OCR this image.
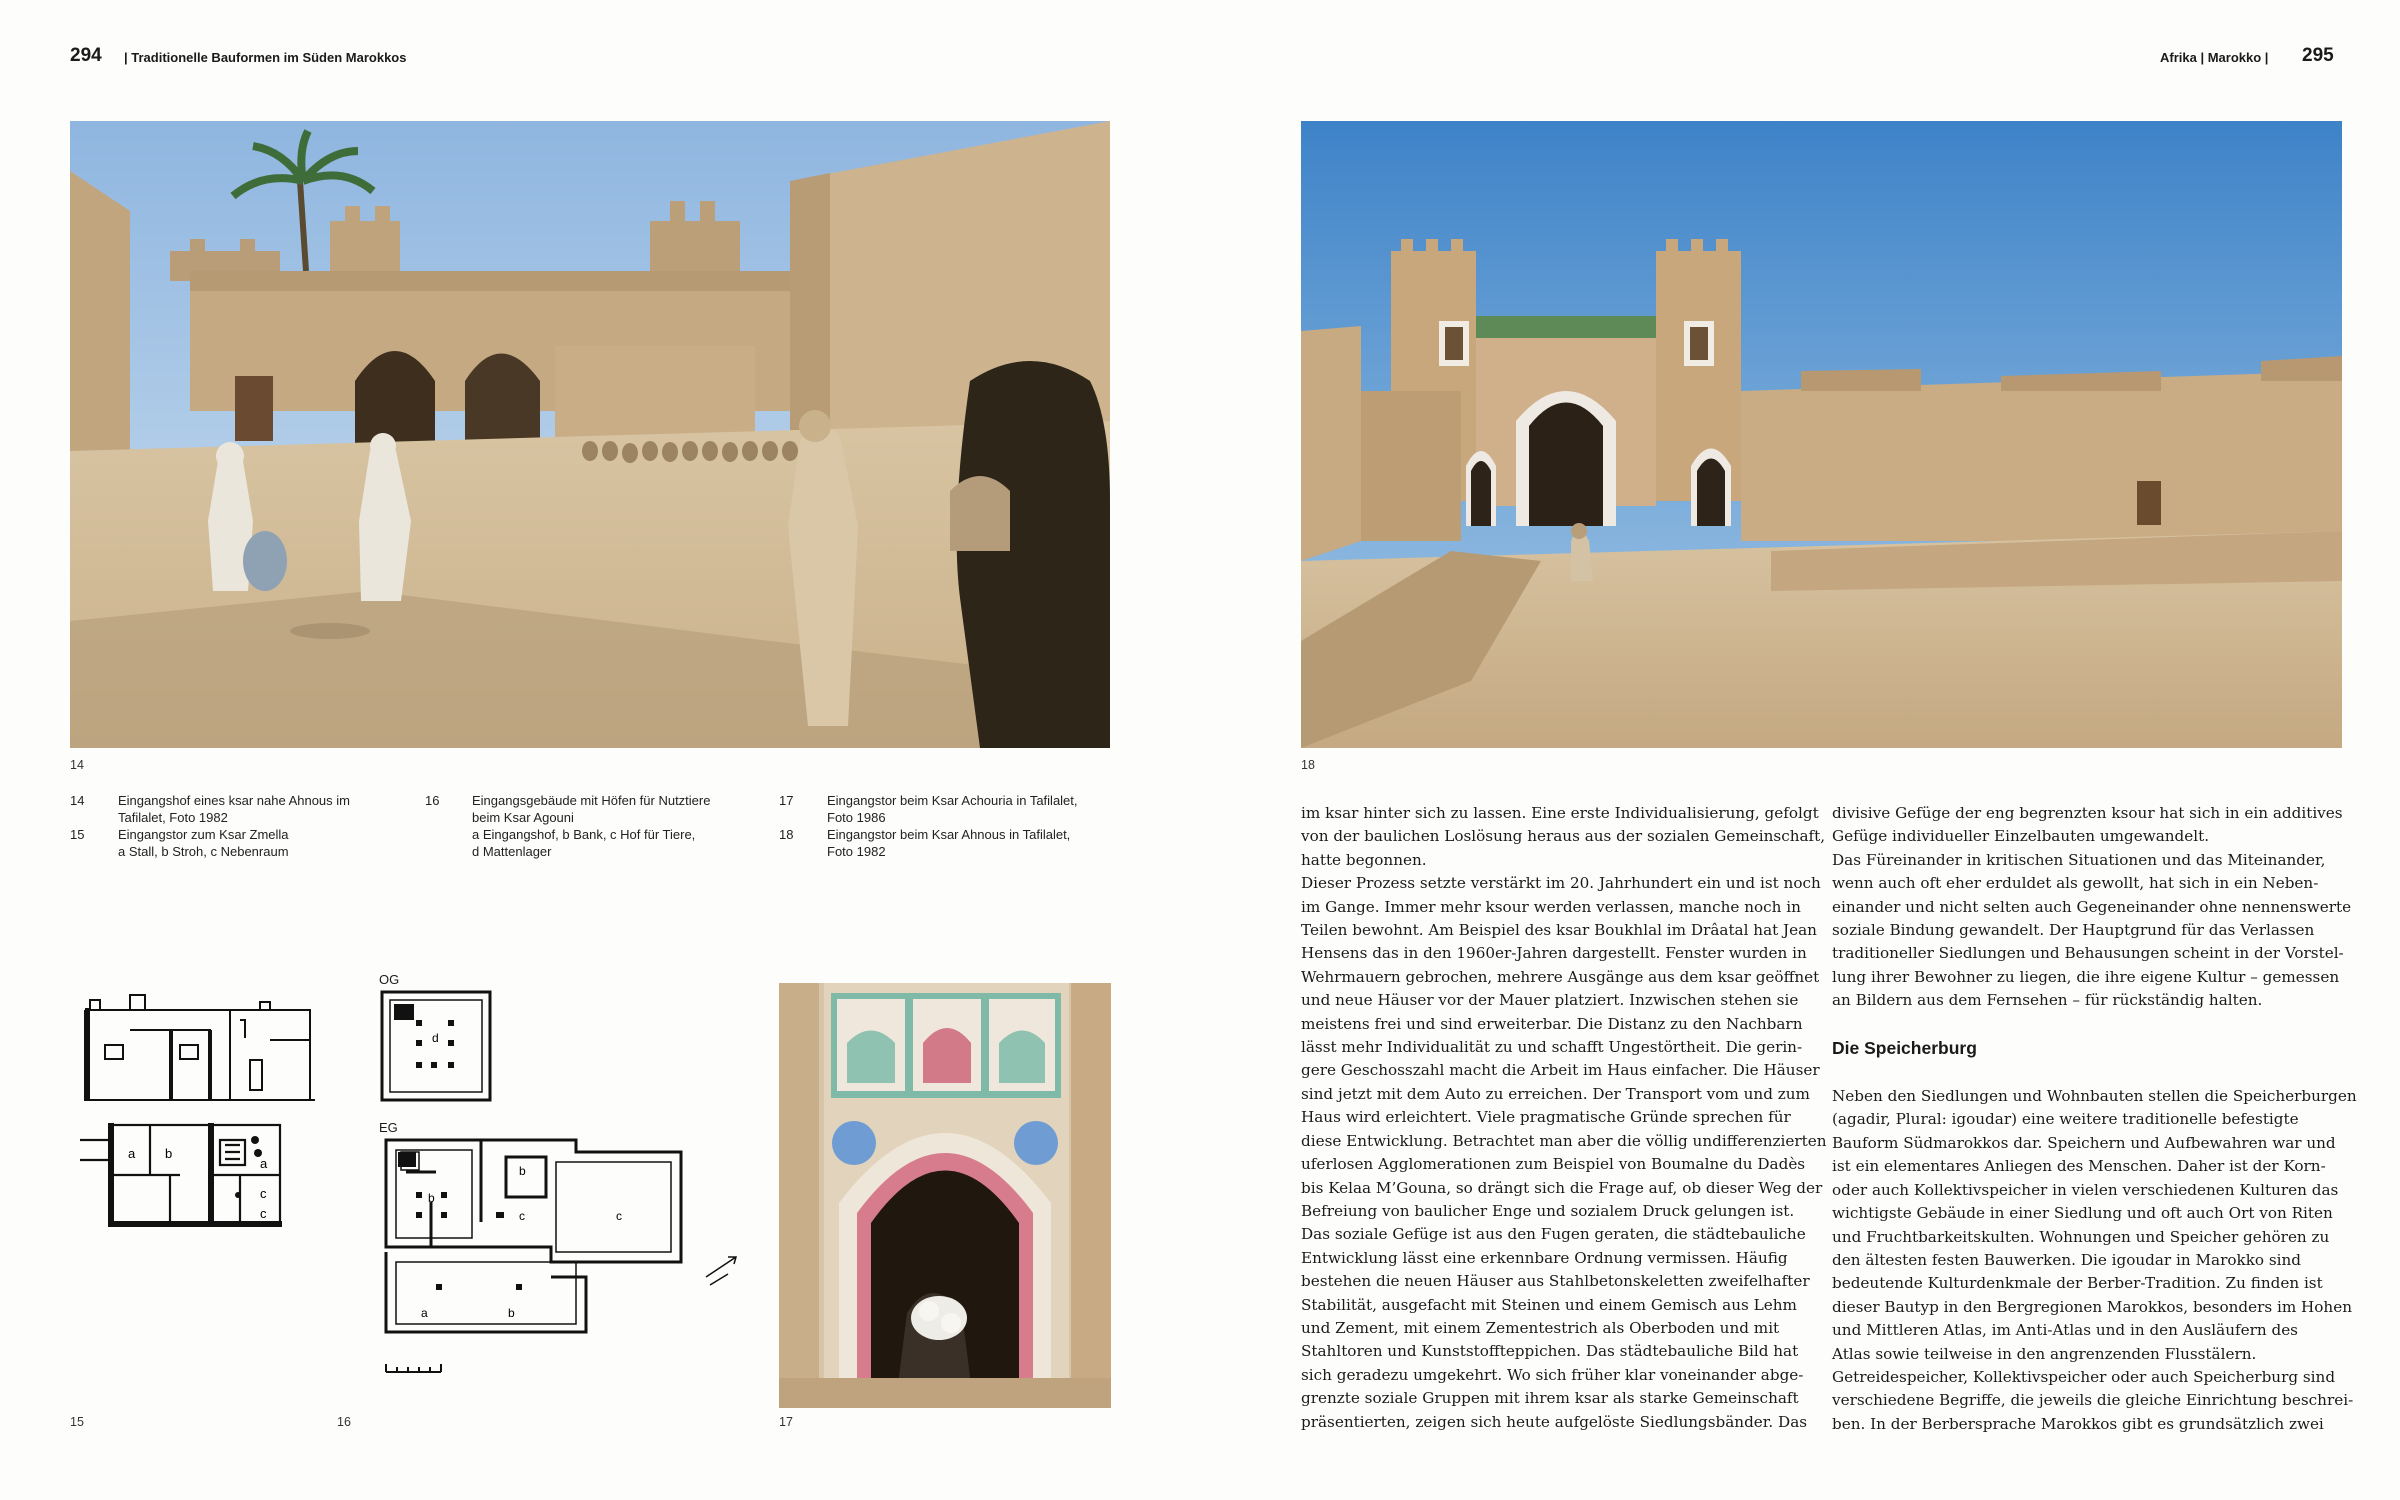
294 | Traditionelle Bauformen im Süden Marokkos	Afrika | Marokko | 295
14	18
14	Eingangshof eines ksar nahe Ahnous im
Tafilalet, Foto 1982
15	Eingangstor zum Ksar Zmella
a Stall, b Stroh, c Nebenraum
16	Eingangsgebäude mit Höfen für Nutztiere
beim Ksar Agouni
a Eingangshof, b Bank, c Hof für Tiere,
d Mattenlager
17	Eingangstor beim Ksar Achouria in Tafilalet,
Foto 1986
18	Eingangstor beim Ksar Ahnous in Tafilalet,
Foto 1982
a b
a
c
c
15
OG
EG
d
b
b
c	c
a	b
16	17
im ksar hinter sich zu lassen. Eine erste Individualisierung, gefolgt
von der baulichen Loslösung heraus aus der sozialen Gemeinschaft,
hatte begonnen.
Dieser Prozess setzte verstärkt im 20. Jahrhundert ein und ist noch
im Gange. Immer mehr ksour werden verlassen, manche noch in
Teilen bewohnt. Am Beispiel des ksar Boukhlal im Drâatal hat Jean
Hensens das in den 1960er-Jahren dargestellt. Fenster wurden in
Wehrmauern gebrochen, mehrere Ausgänge aus dem ksar geöffnet
und neue Häuser vor der Mauer platziert. Inzwischen stehen sie
meistens frei und sind erweiterbar. Die Distanz zu den Nachbarn
lässt mehr Individualität zu und schafft Ungestörtheit. Die gerin-
gere Geschosszahl macht die Arbeit im Haus einfacher. Die Häuser
sind jetzt mit dem Auto zu erreichen. Der Transport vom und zum
Haus wird erleichtert. Viele pragmatische Gründe sprechen für
diese Entwicklung. Betrachtet man aber die völlig undifferenzierten
uferlosen Agglomerationen zum Beispiel von Boumalne du Dadès
bis Kelaa M’Gouna, so drängt sich die Frage auf, ob dieser Weg der
Befreiung von baulicher Enge und sozialem Druck gelungen ist.
Das soziale Gefüge ist aus den Fugen geraten, die städtebauliche
Entwicklung lässt eine erkennbare Ordnung vermissen. Häufig
bestehen die neuen Häuser aus Stahlbetonskeletten zweifelhafter
Stabilität, ausgefacht mit Steinen und einem Gemisch aus Lehm
und Zement, mit einem Zementestrich als Oberboden und mit
Stahltoren und Kunststoffteppichen. Das städtebauliche Bild hat
sich geradezu umgekehrt. Wo sich früher klar voneinander abge-
grenzte soziale Gruppen mit ihrem ksar als starke Gemeinschaft
präsentierten, zeigen sich heute aufgelöste Siedlungsbänder. Das
divisive Gefüge der eng begrenzten ksour hat sich in ein additives
Gefüge individueller Einzelbauten umgewandelt.
Das Füreinander in kritischen Situationen und das Miteinander,
wenn auch oft eher erduldet als gewollt, hat sich in ein Neben-
einander und nicht selten auch Gegeneinander ohne nennenswerte
soziale Bindung gewandelt. Der Hauptgrund für das Verlassen
traditioneller Siedlungen und Behausungen scheint in der Vorstel-
lung ihrer Bewohner zu liegen, die ihre eigene Kultur – gemessen
an Bildern aus dem Fernsehen – für rückständig halten.
Die Speicherburg
Neben den Siedlungen und Wohnbauten stellen die Speicherburgen
(agadir, Plural: igoudar) eine weitere traditionelle befestigte
Bauform Südmarokkos dar. Speichern und Aufbewahren war und
ist ein elementares Anliegen des Menschen. Daher ist der Korn-
oder auch Kollektivspeicher in vielen verschiedenen Kulturen das
wichtigste Gebäude in einer Siedlung und oft auch Ort von Riten
und Fruchtbarkeitskulten. Wohnungen und Speicher gehören zu
den ältesten festen Bauwerken. Die igoudar in Marokko sind
bedeutende Kulturdenkmale der Berber-Tradition. Zu finden ist
dieser Bautyp in den Bergregionen Marokkos, besonders im Hohen
und Mittleren Atlas, im Anti-Atlas und in den Ausläufern des
Atlas sowie teilweise in den angrenzenden Flusstälern.
Getreidespeicher, Kollektivspeicher oder auch Speicherburg sind
verschiedene Begriffe, die jeweils die gleiche Einrichtung beschrei-
ben. In der Berbersprache Marokkos gibt es grundsätzlich zwei
